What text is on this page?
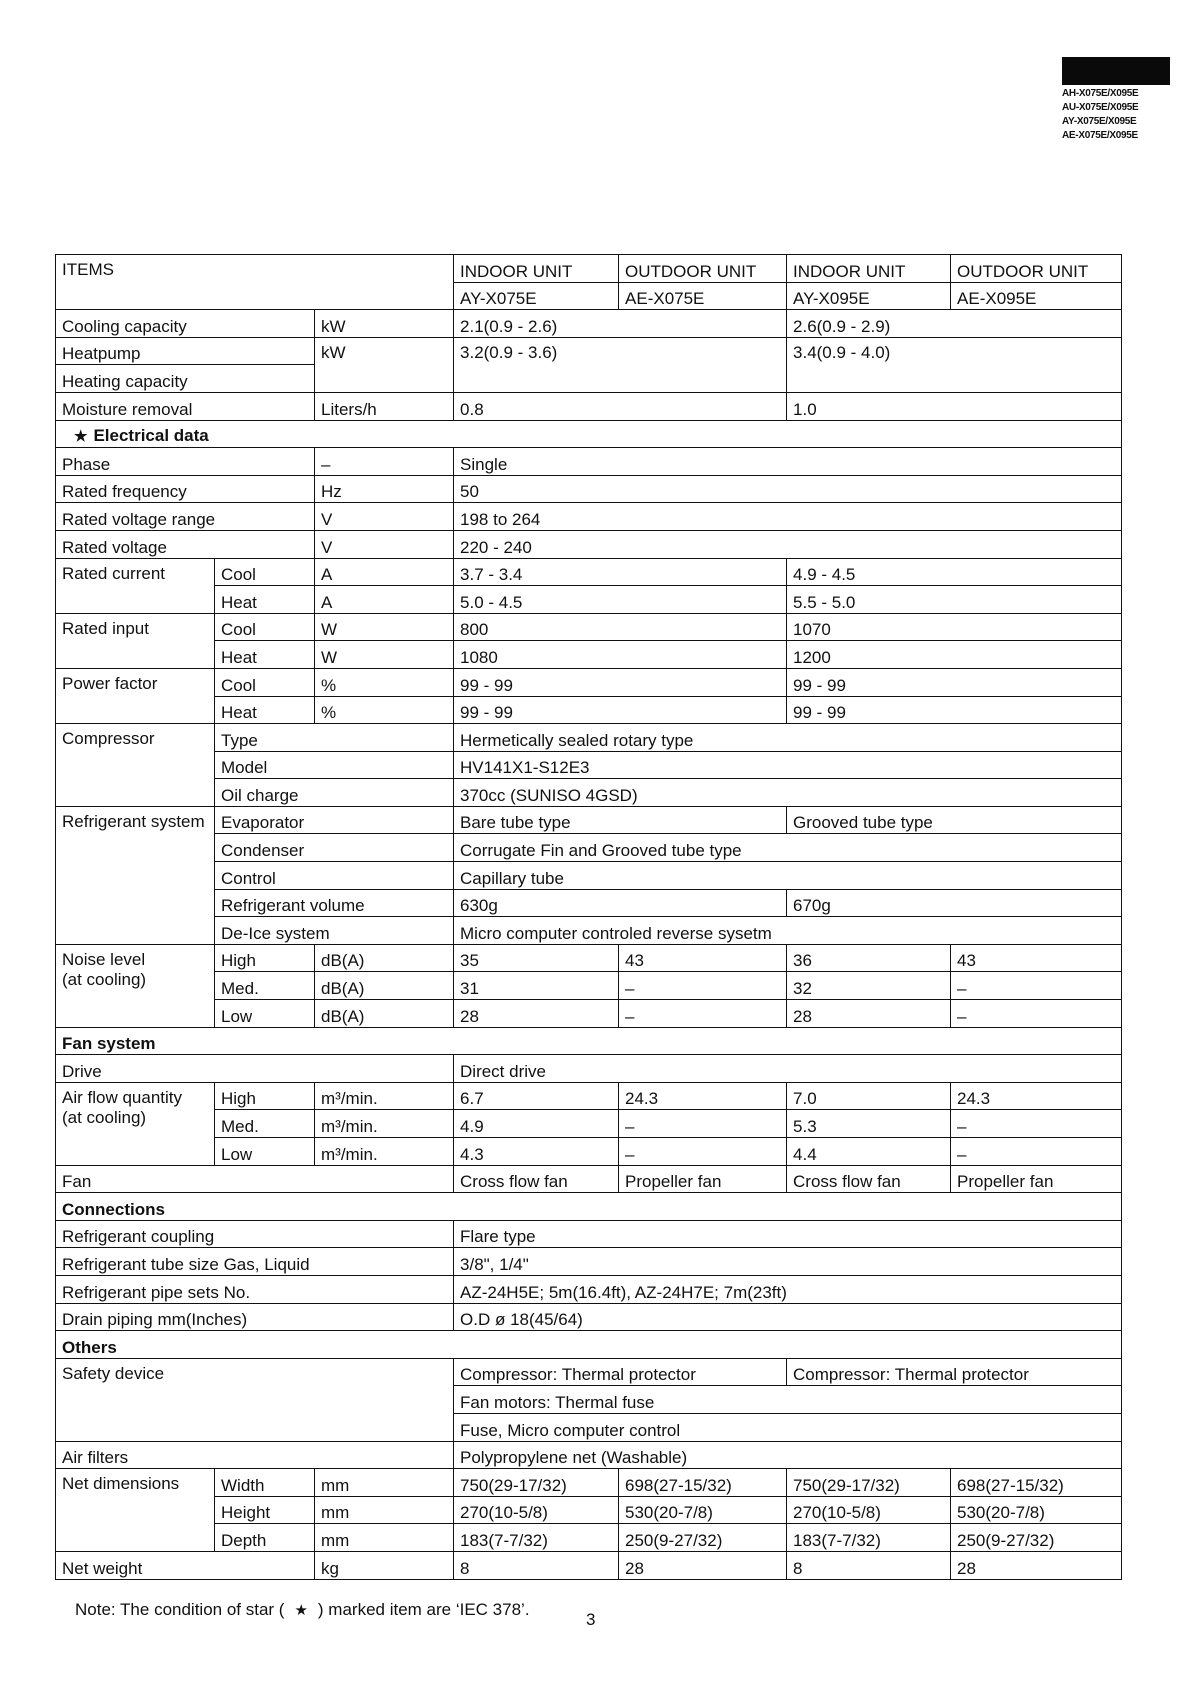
AH-X075E/X095E
AU-X075E/X095E
AY-X075E/X095E
AE-X075E/X095E
ITEMS			INDOOR UNIT	OUTDOOR UNIT	INDOOR UNIT	OUTDOOR UNIT
			AY-X075E	AE-X075E	AY-X095E	AE-X095E
Cooling capacity		kW	2.1(0.9 - 2.6)		2.6(0.9 - 2.9)	
Heatpump		kW	3.2(0.9 - 3.6)		3.4(0.9 - 4.0)	
Heating capacity						
Moisture removal		Liters/h	0.8		1.0	
★ Electrical data						
Phase		–	Single			
Rated frequency		Hz	50			
Rated voltage range		V	198 to 264			
Rated voltage		V	220 - 240			
Rated current	Cool	A	3.7 - 3.4		4.9 - 4.5	
	Heat	A	5.0 - 4.5		5.5 - 5.0	
Rated input	Cool	W	800		1070	
	Heat	W	1080		1200	
Power factor	Cool	%	99 - 99		99 - 99	
	Heat	%	99 - 99		99 - 99	
Compressor	Type		Hermetically sealed rotary type			
	Model		HV141X1-S12E3			
	Oil charge		370cc (SUNISO 4GSD)			
Refrigerant system	Evaporator		Bare tube type		Grooved tube type	
	Condenser		Corrugate Fin and Grooved tube type			
	Control		Capillary tube			
	Refrigerant volume		630g		670g	
	De-Ice system		Micro computer controled reverse sysetm			

Noise level
(at cooling)	High	dB(A)	35	43	36	43
	Med.	dB(A)	31	–	32	–
	Low	dB(A)	28	–	28	–
Fan system						
Drive			Direct drive			

Air flow quantity
(at cooling)	High	m³/min.	6.7	24.3	7.0	24.3
	Med.	m³/min.	4.9	–	5.3	–
	Low	m³/min.	4.3	–	4.4	–
Fan			Cross flow fan	Propeller fan	Cross flow fan	Propeller fan
Connections						
Refrigerant coupling			Flare type			
Refrigerant tube size Gas, Liquid			3/8", 1/4"			
Refrigerant pipe sets No.			AZ-24H5E; 5m(16.4ft), AZ-24H7E; 7m(23ft)			
Drain piping mm(Inches)			O.D ø 18(45/64)			
Others						
Safety device			Compressor: Thermal protector		Compressor: Thermal protector	
			Fan motors: Thermal fuse			
			Fuse, Micro computer control			
Air filters			Polypropylene net (Washable)			
Net dimensions	Width	mm	750(29-17/32)	698(27-15/32)	750(29-17/32)	698(27-15/32)
	Height	mm	270(10-5/8)	530(20-7/8)	270(10-5/8)	530(20-7/8)
	Depth	mm	183(7-7/32)	250(9-27/32)	183(7-7/32)	250(9-27/32)
Net weight		kg	8	28	8	28
Note: The condition of star ( ★ ) marked item are ‘IEC 378’.
3
